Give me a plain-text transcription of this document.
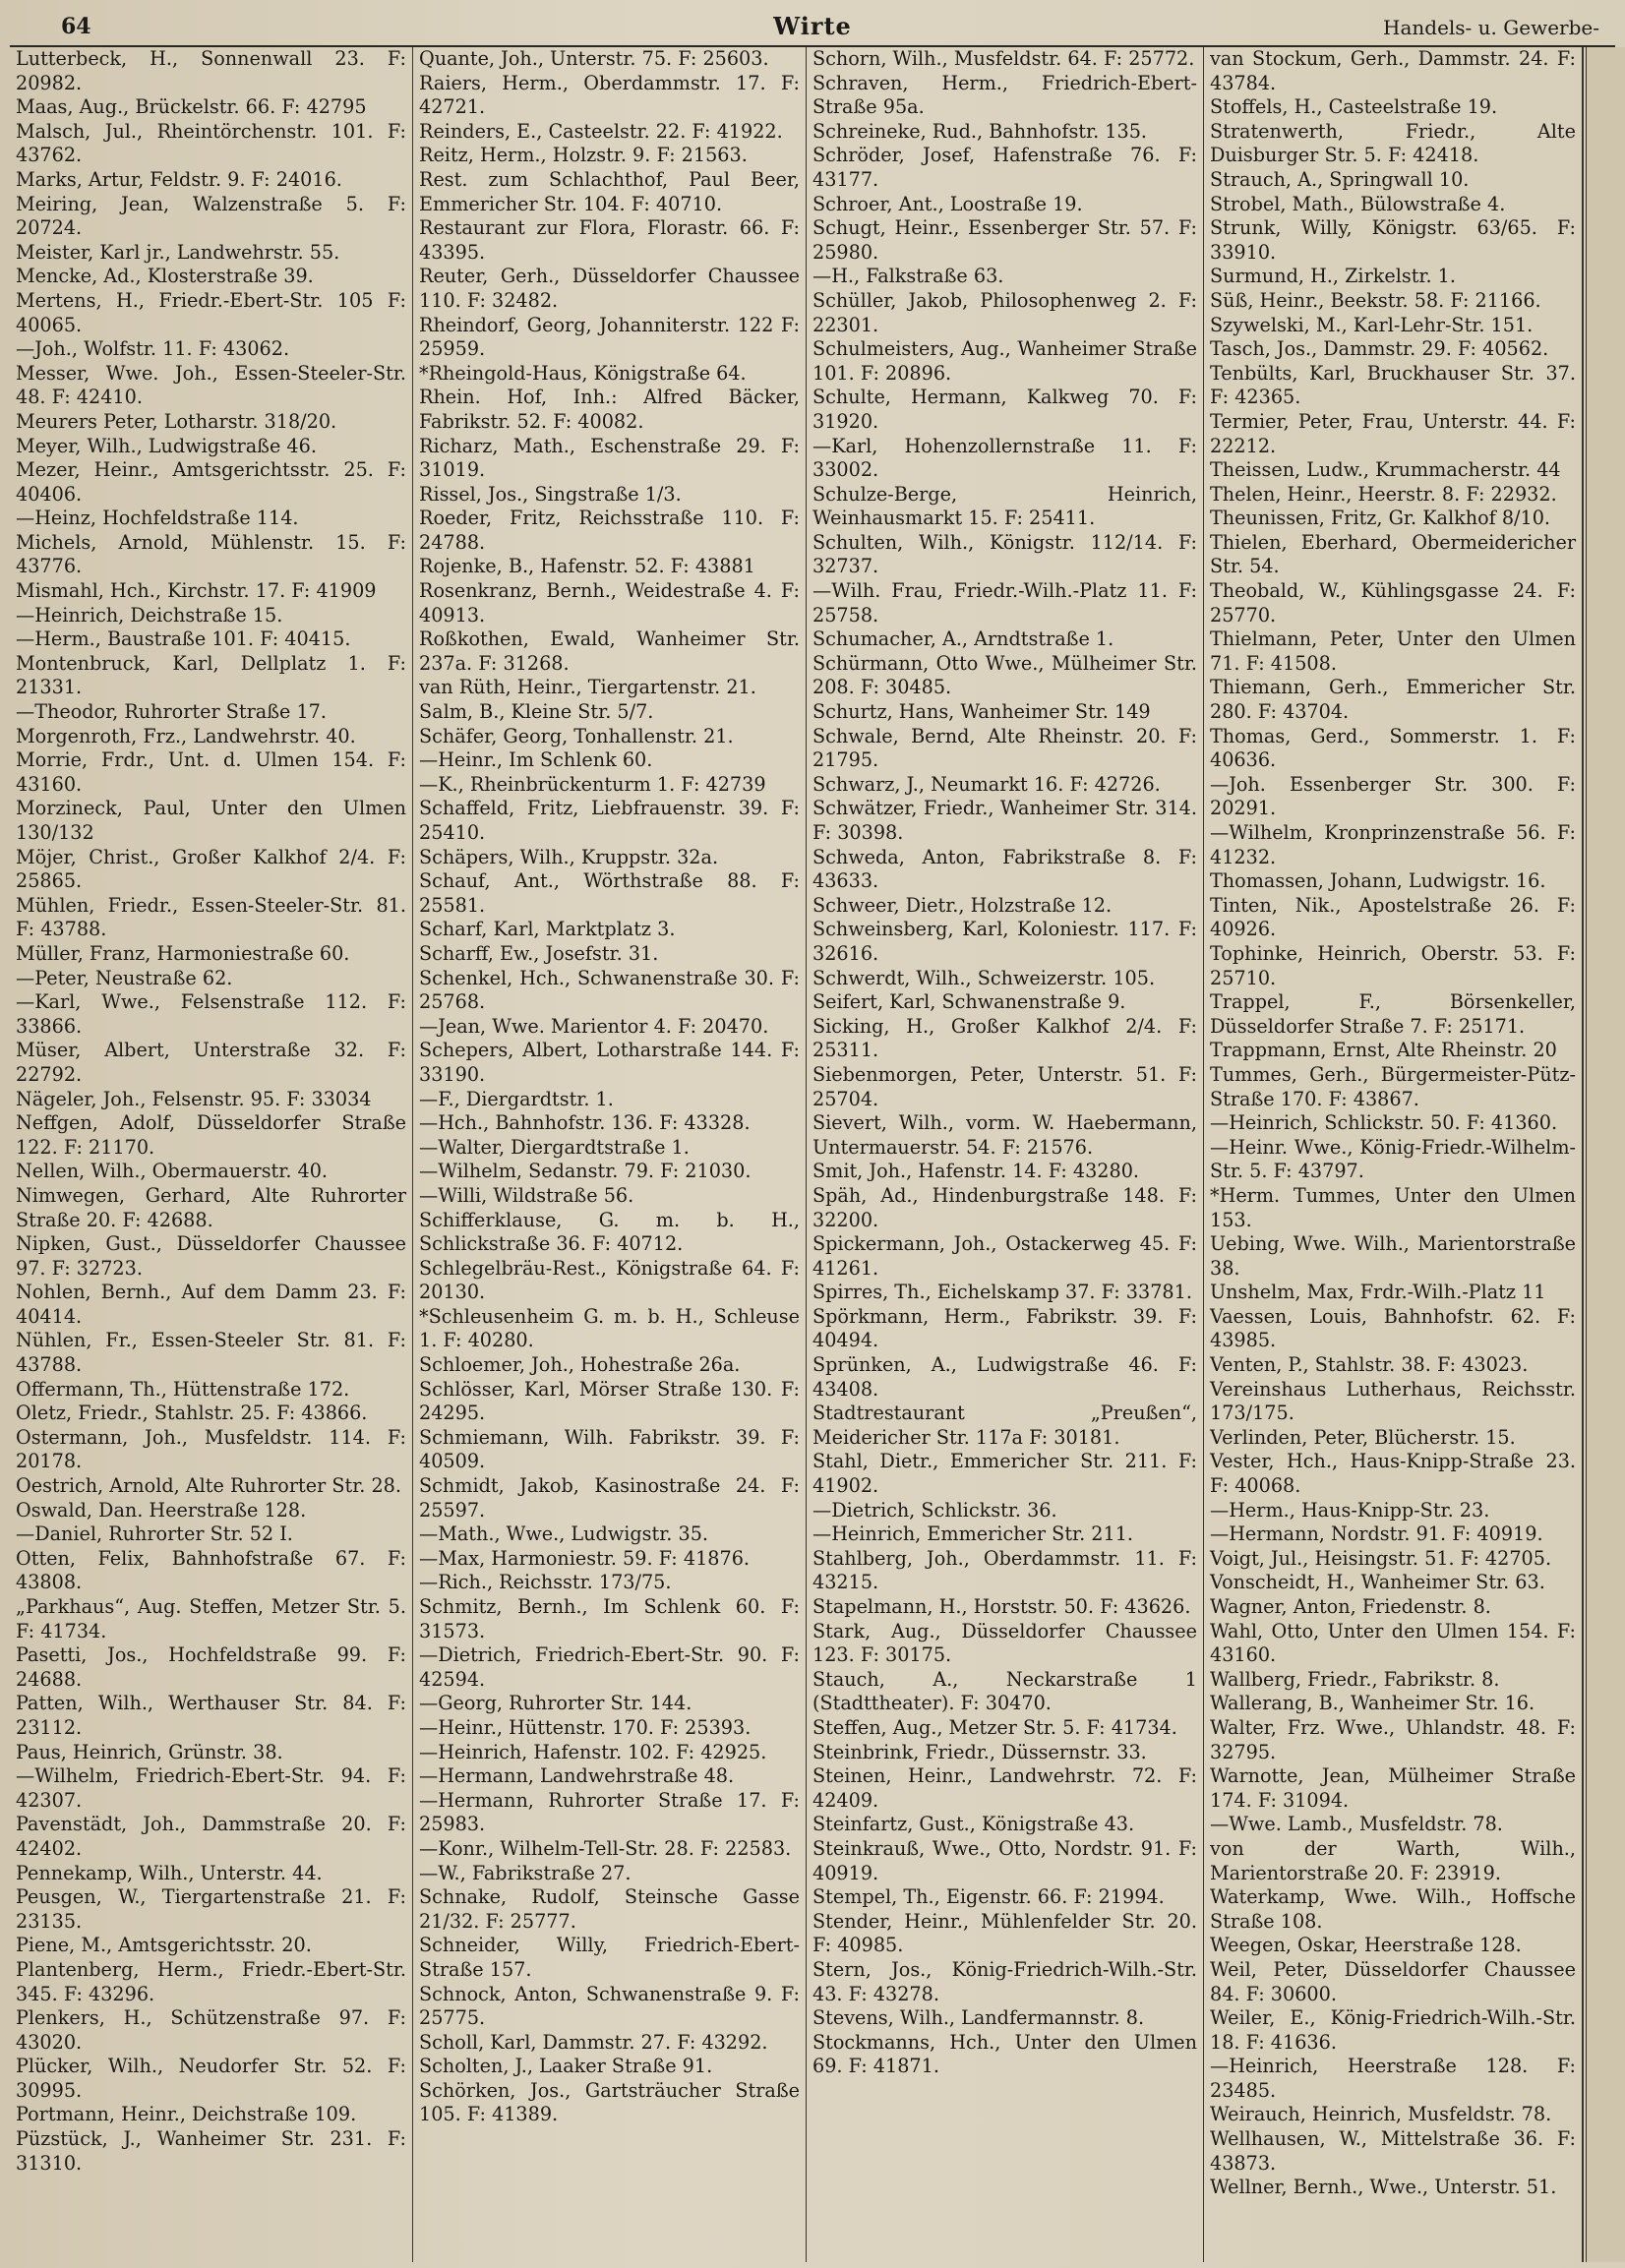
64	Wirte	Handels- u. Gewerbe-
Lutterbeck, H., Sonnenwall 23. F: 20982.
Maas, Aug., Brückelstr. 66. F: 42795
Malsch, Jul., Rheintörchenstr. 101. F: 43762.
Marks, Artur, Feldstr. 9. F: 24016.
Meiring, Jean, Walzenstraße 5. F: 20724.
Meister, Karl jr., Landwehrstr. 55.
Mencke, Ad., Klosterstraße 39.
Mertens, H., Friedr.-Ebert-Str. 105 F: 40065.
—Joh., Wolfstr. 11. F: 43062.
Messer, Wwe. Joh., Essen-Steeler-Str. 48. F: 42410.
Meurers Peter, Lotharstr. 318/20.
Meyer, Wilh., Ludwigstraße 46.
Mezer, Heinr., Amtsgerichtsstr. 25. F: 40406.
—Heinz, Hochfeldstraße 114.
Michels, Arnold, Mühlenstr. 15. F: 43776.
Mismahl, Hch., Kirchstr. 17. F: 41909
—Heinrich, Deichstraße 15.
—Herm., Baustraße 101. F: 40415.
Montenbruck, Karl, Dellplatz 1. F: 21331.
—Theodor, Ruhrorter Straße 17.
Morgenroth, Frz., Landwehrstr. 40.
Morrie, Frdr., Unt. d. Ulmen 154. F: 43160.
Morzineck, Paul, Unter den Ulmen 130/132
Möjer, Christ., Großer Kalkhof 2/4. F: 25865.
Mühlen, Friedr., Essen-Steeler-Str. 81. F: 43788.
Müller, Franz, Harmoniestraße 60.
—Peter, Neustraße 62.
—Karl, Wwe., Felsenstraße 112. F: 33866.
Müser, Albert, Unterstraße 32. F: 22792.
Nägeler, Joh., Felsenstr. 95. F: 33034
Neffgen, Adolf, Düsseldorfer Straße 122. F: 21170.
Nellen, Wilh., Obermauerstr. 40.
Nimwegen, Gerhard, Alte Ruhrorter Straße 20. F: 42688.
Nipken, Gust., Düsseldorfer Chaussee 97. F: 32723.
Nohlen, Bernh., Auf dem Damm 23. F: 40414.
Nühlen, Fr., Essen-Steeler Str. 81. F: 43788.
Offermann, Th., Hüttenstraße 172.
Oletz, Friedr., Stahlstr. 25. F: 43866.
Ostermann, Joh., Musfeldstr. 114. F: 20178.
Oestrich, Arnold, Alte Ruhrorter Str. 28.
Oswald, Dan. Heerstraße 128.
—Daniel, Ruhrorter Str. 52 I.
Otten, Felix, Bahnhofstraße 67. F: 43808.
„Parkhaus“, Aug. Steffen, Metzer Str. 5. F: 41734.
Pasetti, Jos., Hochfeldstraße 99. F: 24688.
Patten, Wilh., Werthauser Str. 84. F: 23112.
Paus, Heinrich, Grünstr. 38.
—Wilhelm, Friedrich-Ebert-Str. 94. F: 42307.
Pavenstädt, Joh., Dammstraße 20. F: 42402.
Pennekamp, Wilh., Unterstr. 44.
Peusgen, W., Tiergartenstraße 21. F: 23135.
Piene, M., Amtsgerichtsstr. 20.
Plantenberg, Herm., Friedr.-Ebert-Str. 345. F: 43296.
Plenkers, H., Schützenstraße 97. F: 43020.
Plücker, Wilh., Neudorfer Str. 52. F: 30995.
Portmann, Heinr., Deichstraße 109.
Püzstück, J., Wanheimer Str. 231. F: 31310.
Quante, Joh., Unterstr. 75. F: 25603.
Raiers, Herm., Oberdammstr. 17. F: 42721.
Reinders, E., Casteelstr. 22. F: 41922.
Reitz, Herm., Holzstr. 9. F: 21563.
Rest. zum Schlachthof, Paul Beer, Emmericher Str. 104. F: 40710.
Restaurant zur Flora, Florastr. 66. F: 43395.
Reuter, Gerh., Düsseldorfer Chaussee 110. F: 32482.
Rheindorf, Georg, Johanniterstr. 122 F: 25959.
*Rheingold-Haus, Königstraße 64.
Rhein. Hof, Inh.: Alfred Bäcker, Fabrikstr. 52. F: 40082.
Richarz, Math., Eschenstraße 29. F: 31019.
Rissel, Jos., Singstraße 1/3.
Roeder, Fritz, Reichsstraße 110. F: 24788.
Rojenke, B., Hafenstr. 52. F: 43881
Rosenkranz, Bernh., Weidestraße 4. F: 40913.
Roßkothen, Ewald, Wanheimer Str. 237a. F: 31268.
van Rüth, Heinr., Tiergartenstr. 21.
Salm, B., Kleine Str. 5/7.
Schäfer, Georg, Tonhallenstr. 21.
—Heinr., Im Schlenk 60.
—K., Rheinbrückenturm 1. F: 42739
Schaffeld, Fritz, Liebfrauenstr. 39. F: 25410.
Schäpers, Wilh., Kruppstr. 32a.
Schauf, Ant., Wörthstraße 88. F: 25581.
Scharf, Karl, Marktplatz 3.
Scharff, Ew., Josefstr. 31.
Schenkel, Hch., Schwanenstraße 30. F: 25768.
—Jean, Wwe. Marientor 4. F: 20470.
Schepers, Albert, Lotharstraße 144. F: 33190.
—F., Diergardtstr. 1.
—Hch., Bahnhofstr. 136. F: 43328.
—Walter, Diergardtstraße 1.
—Wilhelm, Sedanstr. 79. F: 21030.
—Willi, Wildstraße 56.
Schifferklause, G. m. b. H., Schlickstraße 36. F: 40712.
Schlegelbräu-Rest., Königstraße 64. F: 20130.
*Schleusenheim G. m. b. H., Schleuse 1. F: 40280.
Schloemer, Joh., Hohestraße 26a.
Schlösser, Karl, Mörser Straße 130. F: 24295.
Schmiemann, Wilh. Fabrikstr. 39. F: 40509.
Schmidt, Jakob, Kasinostraße 24. F: 25597.
—Math., Wwe., Ludwigstr. 35.
—Max, Harmoniestr. 59. F: 41876.
—Rich., Reichsstr. 173/75.
Schmitz, Bernh., Im Schlenk 60. F: 31573.
—Dietrich, Friedrich-Ebert-Str. 90. F: 42594.
—Georg, Ruhrorter Str. 144.
—Heinr., Hüttenstr. 170. F: 25393.
—Heinrich, Hafenstr. 102. F: 42925.
—Hermann, Landwehrstraße 48.
—Hermann, Ruhrorter Straße 17. F: 25983.
—Konr., Wilhelm-Tell-Str. 28. F: 22583.
—W., Fabrikstraße 27.
Schnake, Rudolf, Steinsche Gasse 21/32. F: 25777.
Schneider, Willy, Friedrich-Ebert-Straße 157.
Schnock, Anton, Schwanenstraße 9. F: 25775.
Scholl, Karl, Dammstr. 27. F: 43292.
Scholten, J., Laaker Straße 91.
Schörken, Jos., Gartsträucher Straße 105. F: 41389.
Schorn, Wilh., Musfeldstr. 64. F: 25772.
Schraven, Herm., Friedrich-Ebert-Straße 95a.
Schreineke, Rud., Bahnhofstr. 135.
Schröder, Josef, Hafenstraße 76. F: 43177.
Schroer, Ant., Loostraße 19.
Schugt, Heinr., Essenberger Str. 57. F: 25980.
—H., Falkstraße 63.
Schüller, Jakob, Philosophenweg 2. F: 22301.
Schulmeisters, Aug., Wanheimer Straße 101. F: 20896.
Schulte, Hermann, Kalkweg 70. F: 31920.
—Karl, Hohenzollernstraße 11. F: 33002.
Schulze-Berge, Heinrich, Weinhausmarkt 15. F: 25411.
Schulten, Wilh., Königstr. 112/14. F: 32737.
—Wilh. Frau, Friedr.-Wilh.-Platz 11. F: 25758.
Schumacher, A., Arndtstraße 1.
Schürmann, Otto Wwe., Mülheimer Str. 208. F: 30485.
Schurtz, Hans, Wanheimer Str. 149
Schwale, Bernd, Alte Rheinstr. 20. F: 21795.
Schwarz, J., Neumarkt 16. F: 42726.
Schwätzer, Friedr., Wanheimer Str. 314. F: 30398.
Schweda, Anton, Fabrikstraße 8. F: 43633.
Schweer, Dietr., Holzstraße 12.
Schweinsberg, Karl, Koloniestr. 117. F: 32616.
Schwerdt, Wilh., Schweizerstr. 105.
Seifert, Karl, Schwanenstraße 9.
Sicking, H., Großer Kalkhof 2/4. F: 25311.
Siebenmorgen, Peter, Unterstr. 51. F: 25704.
Sievert, Wilh., vorm. W. Haebermann, Untermauerstr. 54. F: 21576.
Smit, Joh., Hafenstr. 14. F: 43280.
Späh, Ad., Hindenburgstraße 148. F: 32200.
Spickermann, Joh., Ostackerweg 45. F: 41261.
Spirres, Th., Eichelskamp 37. F: 33781.
Spörkmann, Herm., Fabrikstr. 39. F: 40494.
Sprünken, A., Ludwigstraße 46. F: 43408.
Stadtrestaurant „Preußen“, Meidericher Str. 117a F: 30181.
Stahl, Dietr., Emmericher Str. 211. F: 41902.
—Dietrich, Schlickstr. 36.
—Heinrich, Emmericher Str. 211.
Stahlberg, Joh., Oberdammstr. 11. F: 43215.
Stapelmann, H., Horststr. 50. F: 43626.
Stark, Aug., Düsseldorfer Chaussee 123. F: 30175.
Stauch, A., Neckarstraße 1 (Stadttheater). F: 30470.
Steffen, Aug., Metzer Str. 5. F: 41734.
Steinbrink, Friedr., Düssernstr. 33.
Steinen, Heinr., Landwehrstr. 72. F: 42409.
Steinfartz, Gust., Königstraße 43.
Steinkrauß, Wwe., Otto, Nordstr. 91. F: 40919.
Stempel, Th., Eigenstr. 66. F: 21994.
Stender, Heinr., Mühlenfelder Str. 20. F: 40985.
Stern, Jos., König-Friedrich-Wilh.-Str. 43. F: 43278.
Stevens, Wilh., Landfermannstr. 8.
Stockmanns, Hch., Unter den Ulmen 69. F: 41871.
van Stockum, Gerh., Dammstr. 24. F: 43784.
Stoffels, H., Casteelstraße 19.
Stratenwerth, Friedr., Alte Duisburger Str. 5. F: 42418.
Strauch, A., Springwall 10.
Strobel, Math., Bülowstraße 4.
Strunk, Willy, Königstr. 63/65. F: 33910.
Surmund, H., Zirkelstr. 1.
Süß, Heinr., Beekstr. 58. F: 21166.
Szywelski, M., Karl-Lehr-Str. 151.
Tasch, Jos., Dammstr. 29. F: 40562.
Tenbülts, Karl, Bruckhauser Str. 37. F: 42365.
Termier, Peter, Frau, Unterstr. 44. F: 22212.
Theissen, Ludw., Krummacherstr. 44
Thelen, Heinr., Heerstr. 8. F: 22932.
Theunissen, Fritz, Gr. Kalkhof 8/10.
Thielen, Eberhard, Obermeidericher Str. 54.
Theobald, W., Kühlingsgasse 24. F: 25770.
Thielmann, Peter, Unter den Ulmen 71. F: 41508.
Thiemann, Gerh., Emmericher Str. 280. F: 43704.
Thomas, Gerd., Sommerstr. 1. F: 40636.
—Joh. Essenberger Str. 300. F: 20291.
—Wilhelm, Kronprinzenstraße 56. F: 41232.
Thomassen, Johann, Ludwigstr. 16.
Tinten, Nik., Apostelstraße 26. F: 40926.
Tophinke, Heinrich, Oberstr. 53. F: 25710.
Trappel, F., Börsenkeller, Düsseldorfer Straße 7. F: 25171.
Trappmann, Ernst, Alte Rheinstr. 20
Tummes, Gerh., Bürgermeister-Pütz-Straße 170. F: 43867.
—Heinrich, Schlickstr. 50. F: 41360.
—Heinr. Wwe., König-Friedr.-Wilhelm-Str. 5. F: 43797.
*Herm. Tummes, Unter den Ulmen 153.
Uebing, Wwe. Wilh., Marientorstraße 38.
Unshelm, Max, Frdr.-Wilh.-Platz 11
Vaessen, Louis, Bahnhofstr. 62. F: 43985.
Venten, P., Stahlstr. 38. F: 43023.
Vereinshaus Lutherhaus, Reichsstr. 173/175.
Verlinden, Peter, Blücherstr. 15.
Vester, Hch., Haus-Knipp-Straße 23. F: 40068.
—Herm., Haus-Knipp-Str. 23.
—Hermann, Nordstr. 91. F: 40919.
Voigt, Jul., Heisingstr. 51. F: 42705.
Vonscheidt, H., Wanheimer Str. 63.
Wagner, Anton, Friedenstr. 8.
Wahl, Otto, Unter den Ulmen 154. F: 43160.
Wallberg, Friedr., Fabrikstr. 8.
Wallerang, B., Wanheimer Str. 16.
Walter, Frz. Wwe., Uhlandstr. 48. F: 32795.
Warnotte, Jean, Mülheimer Straße 174. F: 31094.
—Wwe. Lamb., Musfeldstr. 78.
von der Warth, Wilh., Marientorstraße 20. F: 23919.
Waterkamp, Wwe. Wilh., Hoffsche Straße 108.
Weegen, Oskar, Heerstraße 128.
Weil, Peter, Düsseldorfer Chaussee 84. F: 30600.
Weiler, E., König-Friedrich-Wilh.-Str. 18. F: 41636.
—Heinrich, Heerstraße 128. F: 23485.
Weirauch, Heinrich, Musfeldstr. 78.
Wellhausen, W., Mittelstraße 36. F: 43873.
Wellner, Bernh., Wwe., Unterstr. 51.
